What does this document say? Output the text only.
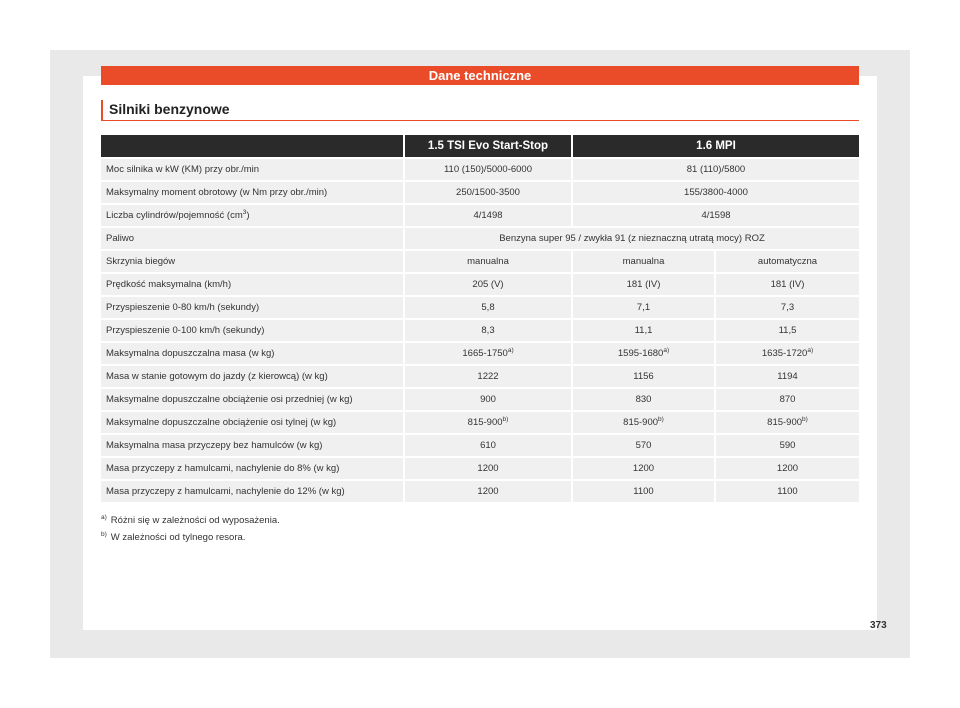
Dane techniczne
Silniki benzynowe
	1.5 TSI Evo Start-Stop	1.6 MPI	
Moc silnika w kW (KM) przy obr./min	110 (150)/5000-6000	81 (110)/5800	
Maksymalny moment obrotowy (w Nm przy obr./min)	250/1500-3500	155/3800-4000	
Liczba cylindrów/pojemność $(cm^3)$	4/1498	4/1598	
Paliwo	Benzyna super 95 / zwykła 91 (z nieznaczną utratą mocy) ROZ		
Skrzynia biegów	manualna	manualna	automatyczna
Prędkość maksymalna (km/h)	205 (V)	181 (IV)	181 (IV)
Przyspieszenie 0-80 km/h (sekundy)	5,8	7,1	7,3
Przyspieszenie 0-100 km/h (sekundy)	8,3	11,1	11,5
Maksymalna dopuszczalna masa (w kg)	1665-1750$^{a)}$	1595-1680$^{a)}$	1635-1720$^{a)}$
Masa w stanie gotowym do jazdy (z kierowcą) (w kg)	1222	1156	1194
Maksymalne dopuszczalne obciążenie osi przedniej (w kg)	900	830	870
Maksymalne dopuszczalne obciążenie osi tylnej (w kg)	815-900$^{b)}$	815-900$^{b)}$	815-900$^{b)}$
Maksymalna masa przyczepy bez hamulców (w kg)	610	570	590
Masa przyczepy z hamulcami, nachylenie do 8% (w kg)	1200	1200	1200
Masa przyczepy z hamulcami, nachylenie do 12% (w kg)	1200	1100	1100
$^{a)}$ Różni się w zależności od wyposażenia.
$^{b)}$ W zależności od tylnego resora.
373
